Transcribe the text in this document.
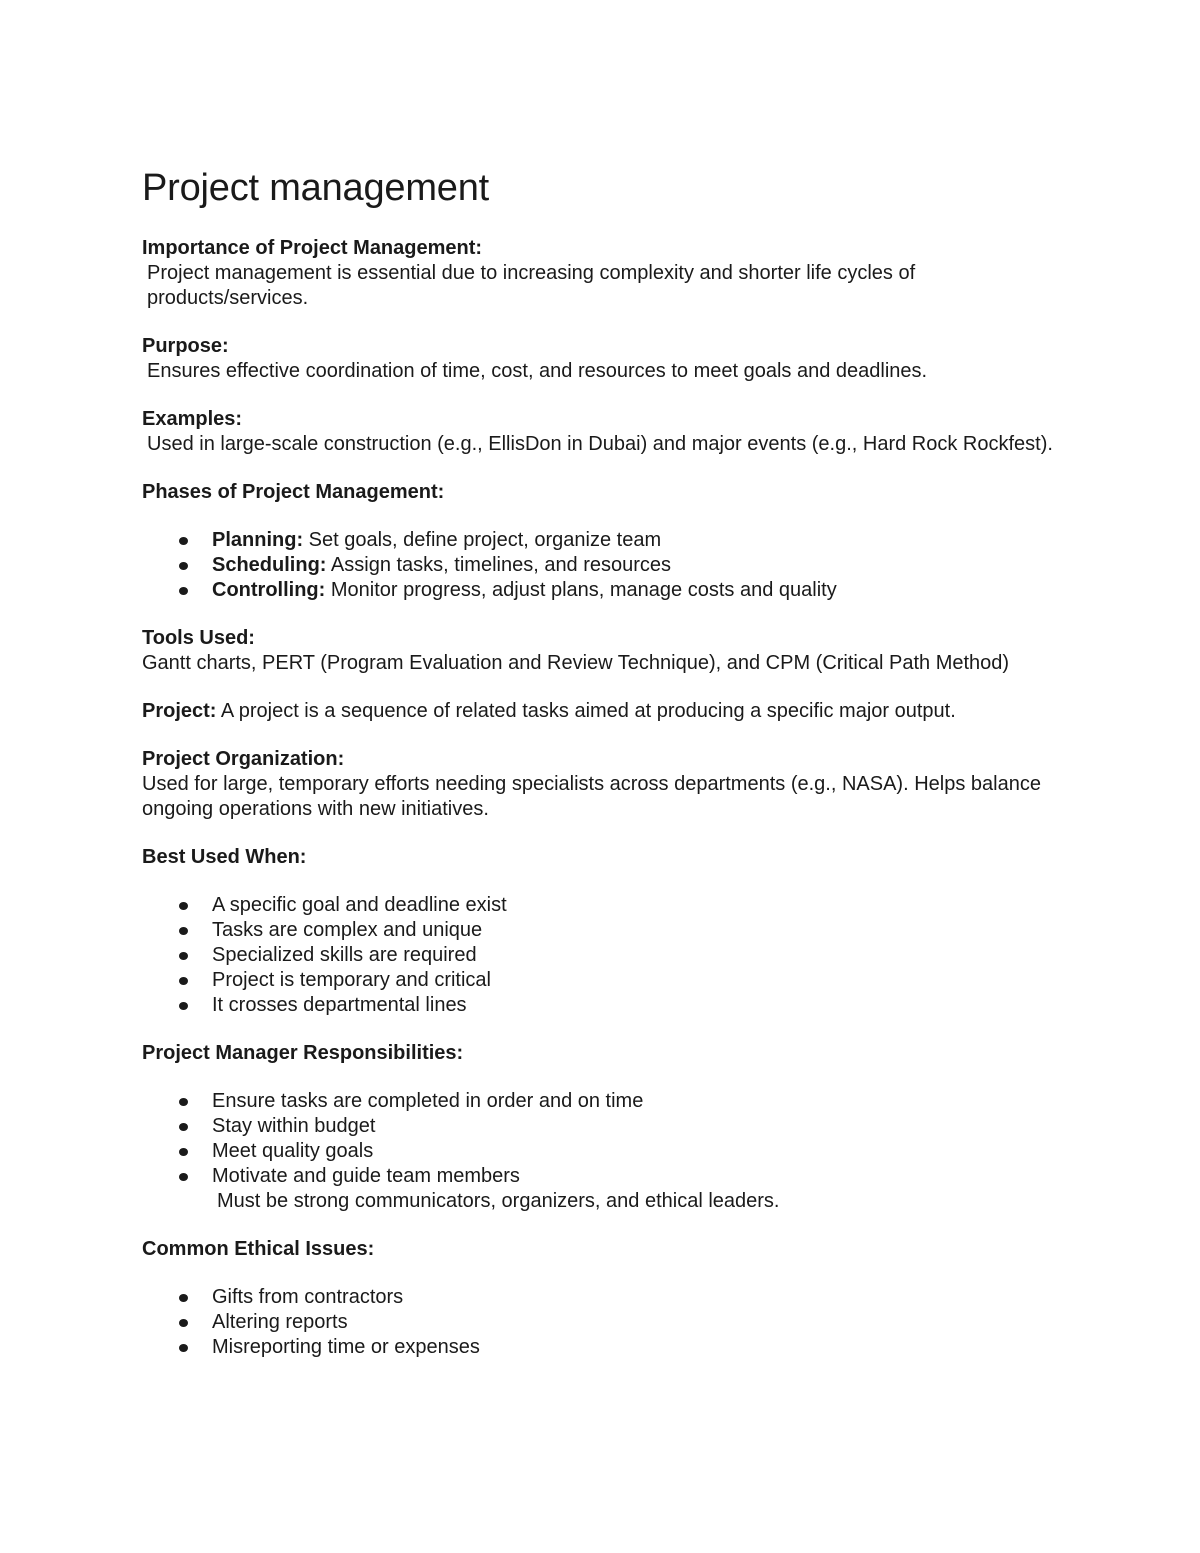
Project management
Importance of Project Management:
Project management is essential due to increasing complexity and shorter life cycles of products/services.
Purpose:
Ensures effective coordination of time, cost, and resources to meet goals and deadlines.
Examples:
Used in large-scale construction (e.g., EllisDon in Dubai) and major events (e.g., Hard Rock Rockfest).
Phases of Project Management:
Planning: Set goals, define project, organize team
Scheduling: Assign tasks, timelines, and resources
Controlling: Monitor progress, adjust plans, manage costs and quality
Tools Used:
Gantt charts, PERT (Program Evaluation and Review Technique), and CPM (Critical Path Method)
Project: A project is a sequence of related tasks aimed at producing a specific major output.
Project Organization:
Used for large, temporary efforts needing specialists across departments (e.g., NASA). Helps balance ongoing operations with new initiatives.
Best Used When:
A specific goal and deadline exist
Tasks are complex and unique
Specialized skills are required
Project is temporary and critical
It crosses departmental lines
Project Manager Responsibilities:
Ensure tasks are completed in order and on time
Stay within budget
Meet quality goals
Motivate and guide team members
Must be strong communicators, organizers, and ethical leaders.
Common Ethical Issues:
Gifts from contractors
Altering reports
Misreporting time or expenses
